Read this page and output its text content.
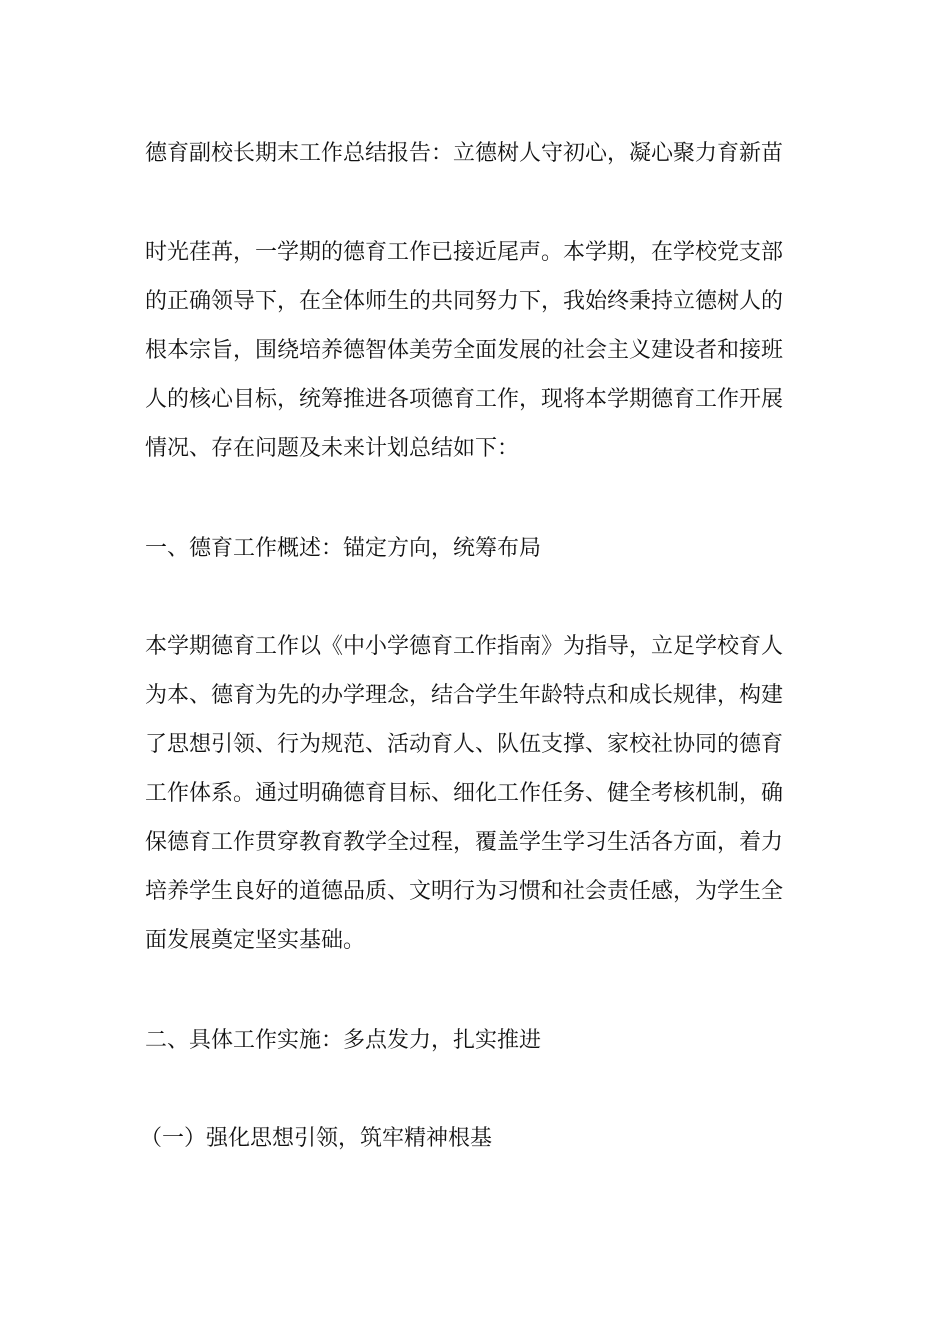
德育副校长期末工作总结报告：立德树人守初心，凝心聚力育新苗

时光荏苒，一学期的德育工作已接近尾声。本学期，在学校党支部
的正确领导下，在全体师生的共同努力下，我始终秉持立德树人的
根本宗旨，围绕培养德智体美劳全面发展的社会主义建设者和接班
人的核心目标，统筹推进各项德育工作，现将本学期德育工作开展
情况、存在问题及未来计划总结如下：

一、德育工作概述：锚定方向，统筹布局

本学期德育工作以《中小学德育工作指南》为指导，立足学校育人
为本、德育为先的办学理念，结合学生年龄特点和成长规律，构建
了思想引领、行为规范、活动育人、队伍支撑、家校社协同的德育
工作体系。通过明确德育目标、细化工作任务、健全考核机制，确
保德育工作贯穿教育教学全过程，覆盖学生学习生活各方面，着力
培养学生良好的道德品质、文明行为习惯和社会责任感，为学生全
面发展奠定坚实基础。

二、具体工作实施：多点发力，扎实推进

（一）强化思想引领，筑牢精神根基
